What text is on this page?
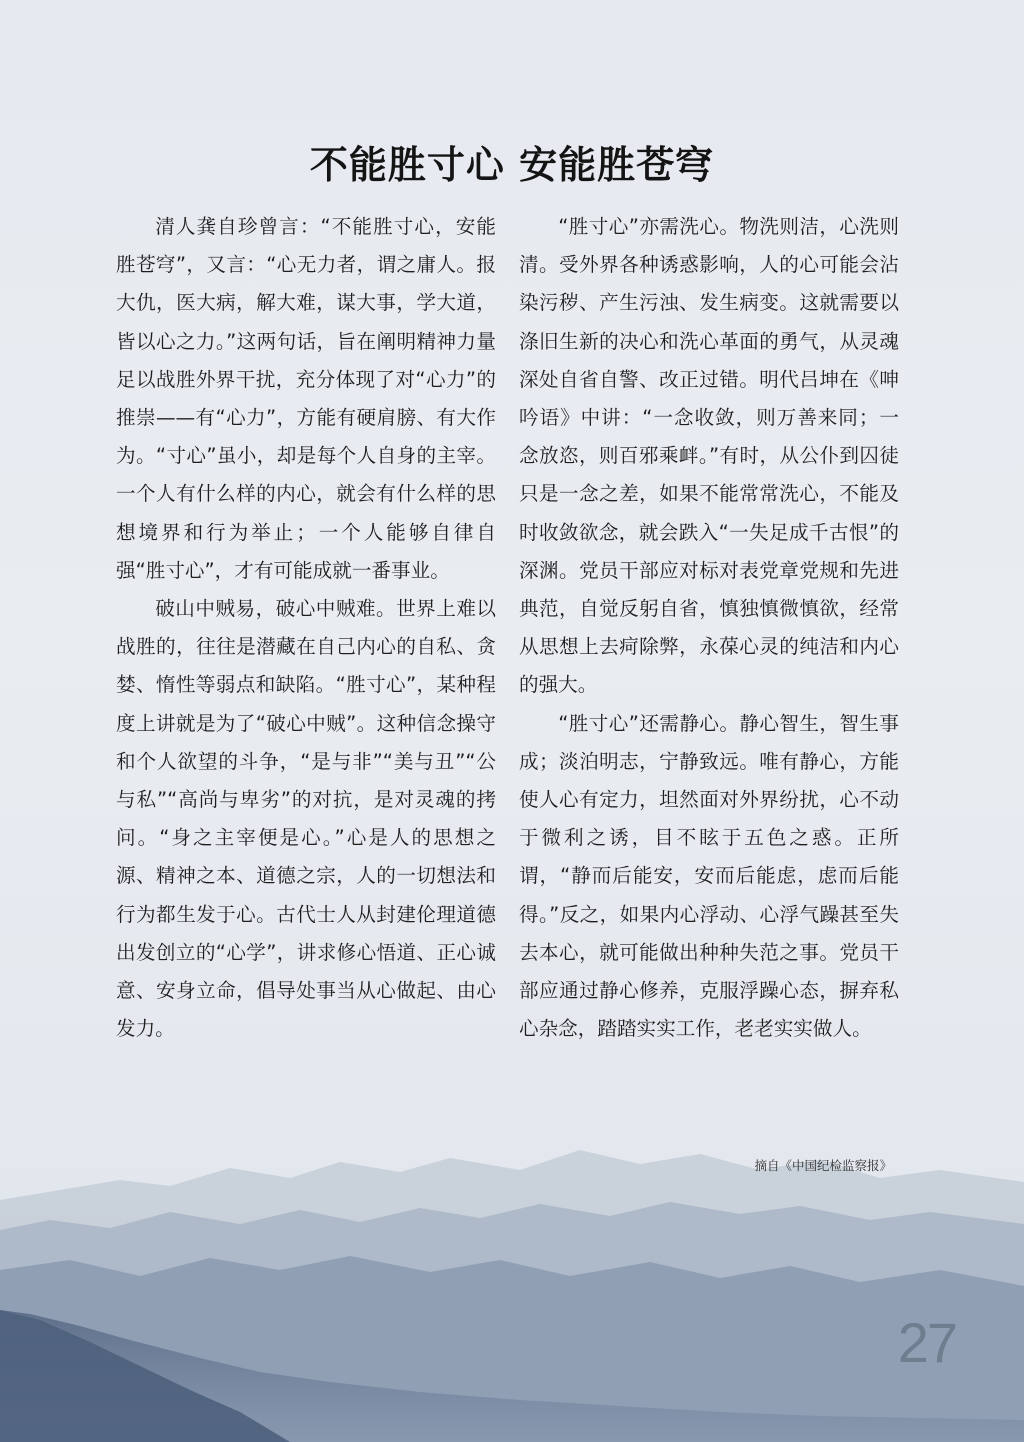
不能胜寸心 安能胜苍穹

清人龚自珍曾言：“不能胜寸心，安能胜苍穹”，又言：“心无力者，谓之庸人。报大仇，医大病，解大难，谋大事，学大道，皆以心之力。”这两句话，旨在阐明精神力量足以战胜外界干扰，充分体现了对“心力”的推崇——有“心力”，方能有硬肩膀、有大作为。“寸心”虽小，却是每个人自身的主宰。一个人有什么样的内心，就会有什么样的思想境界和行为举止；一个人能够自律自强“胜寸心”，才有可能成就一番事业。

破山中贼易，破心中贼难。世界上难以战胜的，往往是潜藏在自己内心的自私、贪婪、惰性等弱点和缺陷。“胜寸心”，某种程度上讲就是为了“破心中贼”。这种信念操守和个人欲望的斗争，“是与非”“美与丑”“公与私”“高尚与卑劣”的对抗，是对灵魂的拷问。“身之主宰便是心。”心是人的思想之源、精神之本、道德之宗，人的一切想法和行为都生发于心。古代士人从封建伦理道德出发创立的“心学”，讲求修心悟道、正心诚意、安身立命，倡导处事当从心做起、由心发力。

“胜寸心”亦需洗心。物洗则洁，心洗则清。受外界各种诱惑影响，人的心可能会沾染污秽、产生污浊、发生病变。这就需要以涤旧生新的决心和洗心革面的勇气，从灵魂深处自省自警、改正过错。明代吕坤在《呻吟语》中讲：“一念收敛，则万善来同；一念放恣，则百邪乘衅。”有时，从公仆到囚徒只是一念之差，如果不能常常洗心，不能及时收敛欲念，就会跌入“一失足成千古恨”的深渊。党员干部应对标对表党章党规和先进典范，自觉反躬自省，慎独慎微慎欲，经常从思想上去疴除弊，永葆心灵的纯洁和内心的强大。

“胜寸心”还需静心。静心智生，智生事成；淡泊明志，宁静致远。唯有静心，方能使人心有定力，坦然面对外界纷扰，心不动于微利之诱，目不眩于五色之惑。正所谓，“静而后能安，安而后能虑，虑而后能得。”反之，如果内心浮动、心浮气躁甚至失去本心，就可能做出种种失范之事。党员干部应通过静心修养，克服浮躁心态，摒弃私心杂念，踏踏实实工作，老老实实做人。

摘自《中国纪检监察报》

27
